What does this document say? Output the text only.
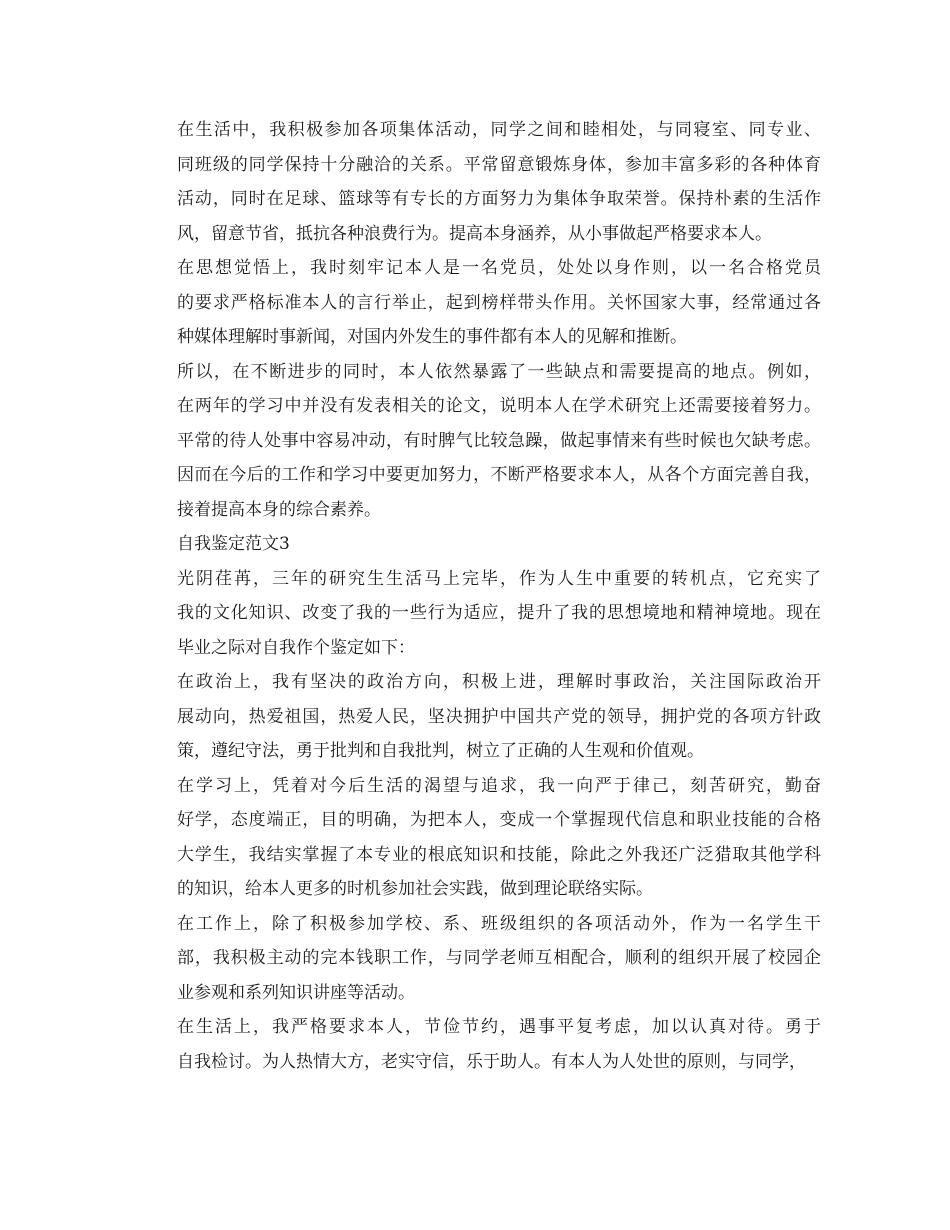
在生活中，我积极参加各项集体活动，同学之间和睦相处，与同寝室、同专业、
同班级的同学保持十分融洽的关系。平常留意锻炼身体，参加丰富多彩的各种体育
活动，同时在足球、篮球等有专长的方面努力为集体争取荣誉。保持朴素的生活作
风，留意节省，抵抗各种浪费行为。提高本身涵养，从小事做起严格要求本人。

在思想觉悟上，我时刻牢记本人是一名党员，处处以身作则，以一名合格党员
的要求严格标准本人的言行举止，起到榜样带头作用。关怀国家大事，经常通过各
种媒体理解时事新闻，对国内外发生的事件都有本人的见解和推断。

所以，在不断进步的同时，本人依然暴露了一些缺点和需要提高的地点。例如，
在两年的学习中并没有发表相关的论文，说明本人在学术研究上还需要接着努力。
平常的待人处事中容易冲动，有时脾气比较急躁，做起事情来有些时候也欠缺考虑。
因而在今后的工作和学习中要更加努力，不断严格要求本人，从各个方面完善自我，
接着提高本身的综合素养。

自我鉴定范文3

光阴荏苒，三年的研究生生活马上完毕，作为人生中重要的转机点，它充实了
我的文化知识、改变了我的一些行为适应，提升了我的思想境地和精神境地。现在
毕业之际对自我作个鉴定如下：

在政治上，我有坚决的政治方向，积极上进，理解时事政治，关注国际政治开
展动向，热爱祖国，热爱人民，坚决拥护中国共产党的领导，拥护党的各项方针政
策，遵纪守法，勇于批判和自我批判，树立了正确的人生观和价值观。

在学习上，凭着对今后生活的渴望与追求，我一向严于律己，刻苦研究，勤奋
好学，态度端正，目的明确，为把本人，变成一个掌握现代信息和职业技能的合格
大学生，我结实掌握了本专业的根底知识和技能，除此之外我还广泛猎取其他学科
的知识，给本人更多的时机参加社会实践，做到理论联络实际。

在工作上，除了积极参加学校、系、班级组织的各项活动外，作为一名学生干
部，我积极主动的完本钱职工作，与同学老师互相配合，顺利的组织开展了校园企
业参观和系列知识讲座等活动。

在生活上，我严格要求本人，节俭节约，遇事平复考虑，加以认真对待。勇于
自我检讨。为人热情大方，老实守信，乐于助人。有本人为人处世的原则，与同学，
